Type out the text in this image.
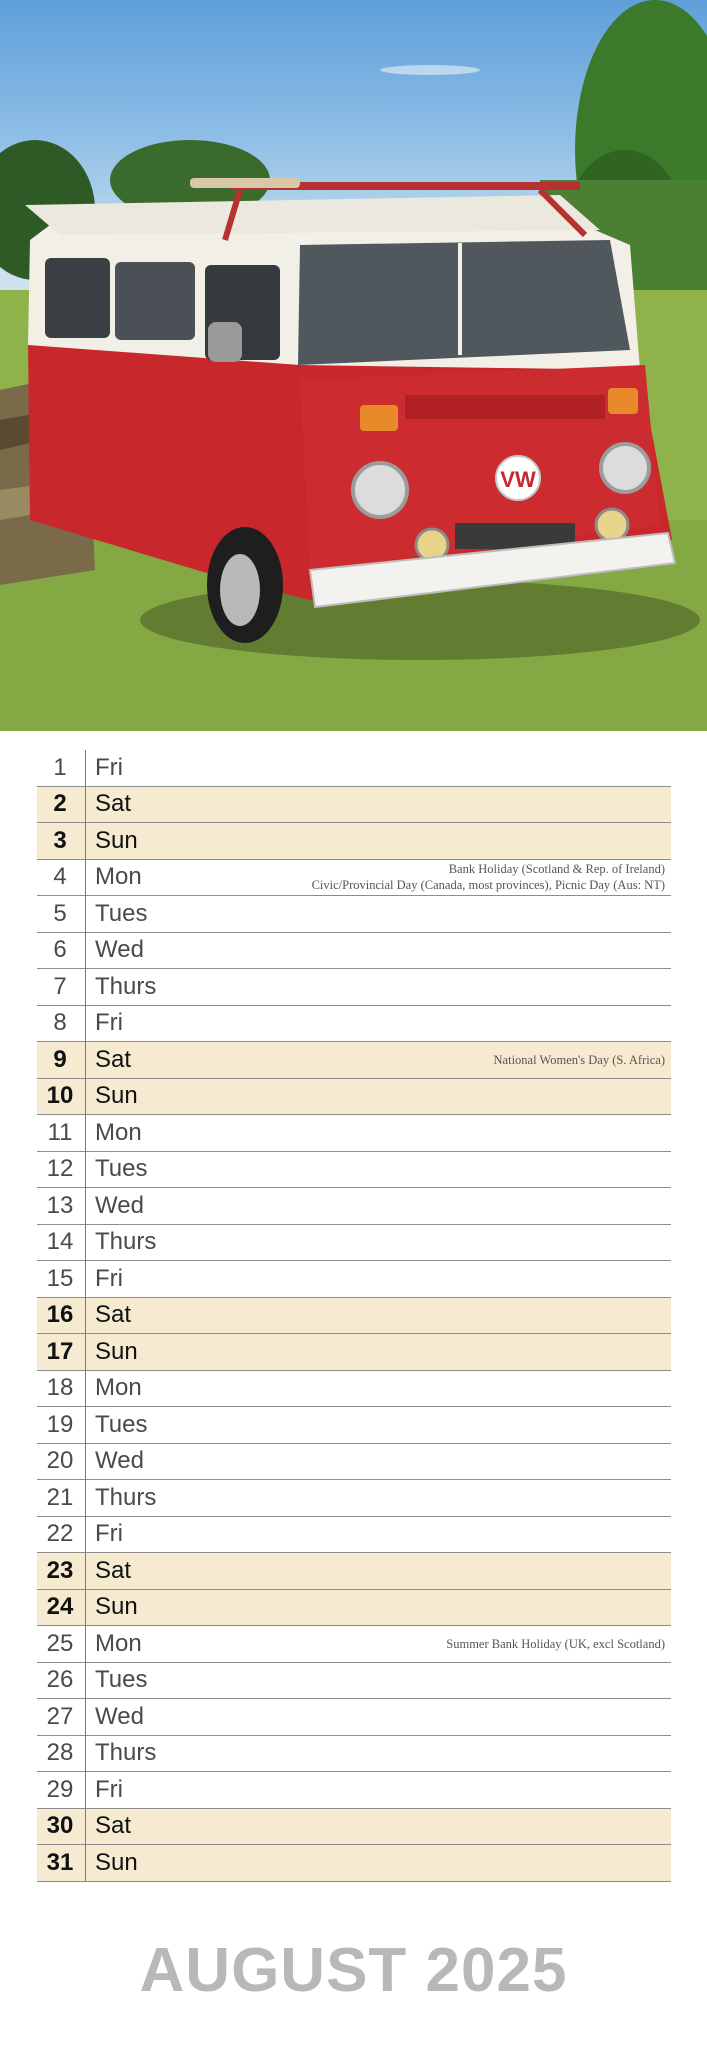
VW
1	Fri
2	Sat
3	Sun
4	Mon	Bank Holiday (Scotland & Rep. of Ireland)
Civic/Provincial Day (Canada, most provinces), Picnic Day (Aus: NT)
5	Tues
6	Wed
7	Thurs
8	Fri
9	Sat	National Women's Day (S. Africa)
10 Sun
11 Mon
12 Tues
13 Wed
14 Thurs
15 Fri
16 Sat
17 Sun
18 Mon
19 Tues
20 Wed
21 Thurs
22 Fri
23 Sat
24 Sun
25 Mon	Summer Bank Holiday (UK, excl Scotland)
26 Tues
27 Wed
28 Thurs
29 Fri
30 Sat
31 Sun
AUGUST 2025
